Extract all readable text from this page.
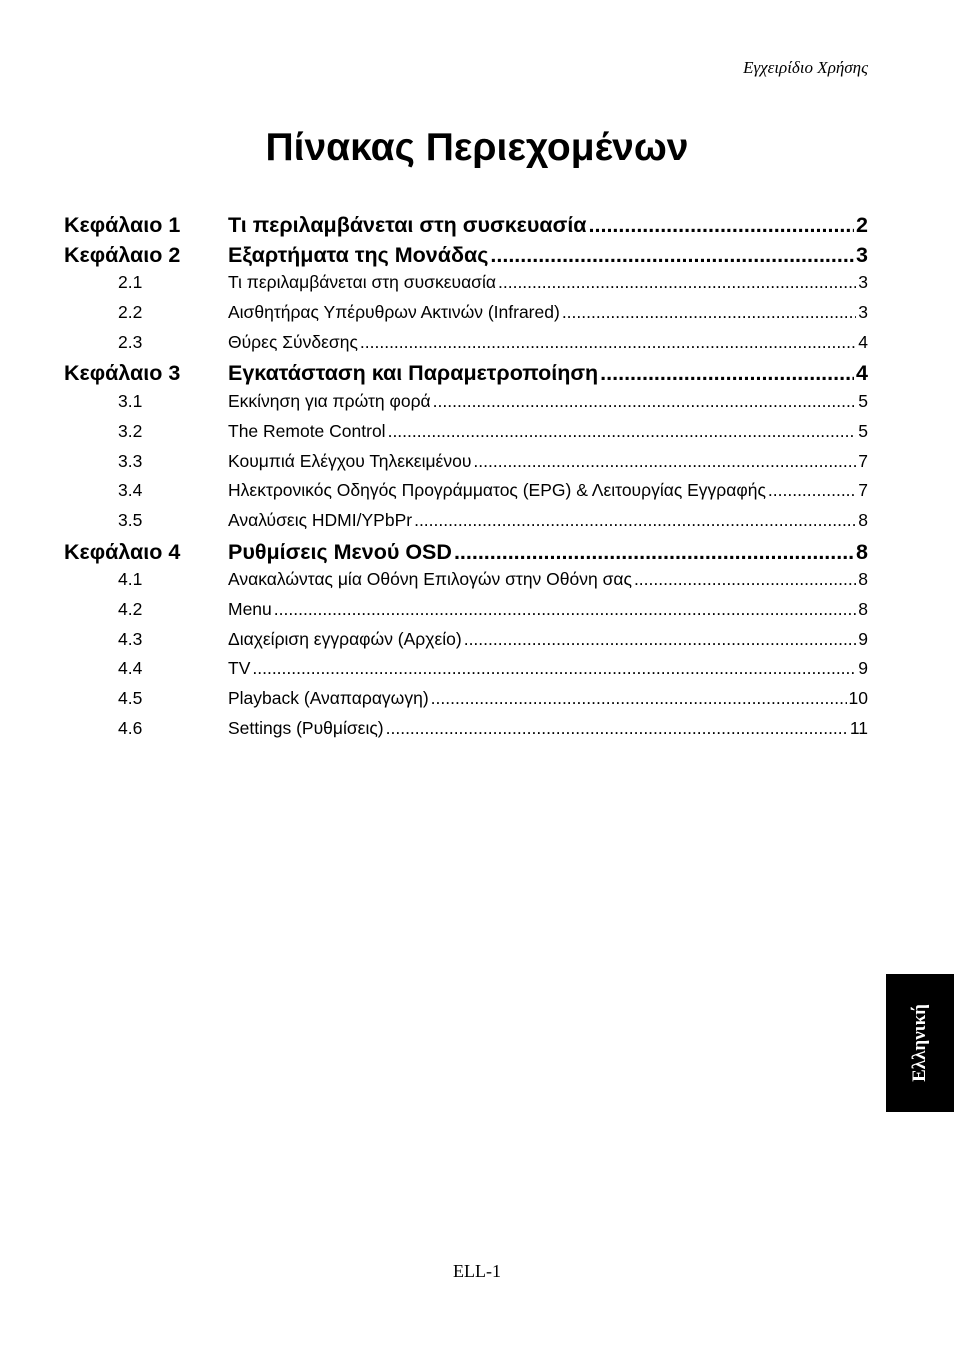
Εγχειρίδιο Χρήσης
Πίνακας Περιεχομένων
Κεφάλαιο 1	Τι περιλαμβάνεται στη συσκευασία .....	2
Κεφάλαιο 2	Εξαρτήματα της Μονάδας .....	3
2.1	Τι περιλαμβάνεται στη συσκευασία .....	3
2.2	Αισθητήρας Υπέρυθρων Ακτινών (Infrared) .....	3
2.3	Θύρες Σύνδεσης .....	4
Κεφάλαιο 3	Εγκατάσταση και Παραμετροποίηση .....	4
3.1	Εκκίνηση για πρώτη φορά .....	5
3.2	The Remote Control .....	5
3.3	Κουμπιά Ελέγχου Τηλεκειμένου .....	7
3.4	Ηλεκτρονικός Οδηγός Προγράμματος (EPG) & Λειτουργίας Εγγραφής .....	7
3.5	Αναλύσεις HDMI/YPbPr .....	8
Κεφάλαιο 4	Ρυθμίσεις Μενού OSD .....	8
4.1	Ανακαλώντας μία Οθόνη Επιλογών στην Οθόνη σας .....	8
4.2	Menu .....	8
4.3	Διαχείριση εγγραφών (Αρχείο) .....	9
4.4	TV .....	9
4.5	Playback (Αναπαραγωγη) .....	10
4.6	Settings (Ρυθμίσεις) .....	11
Ελληνική
ELL-1
